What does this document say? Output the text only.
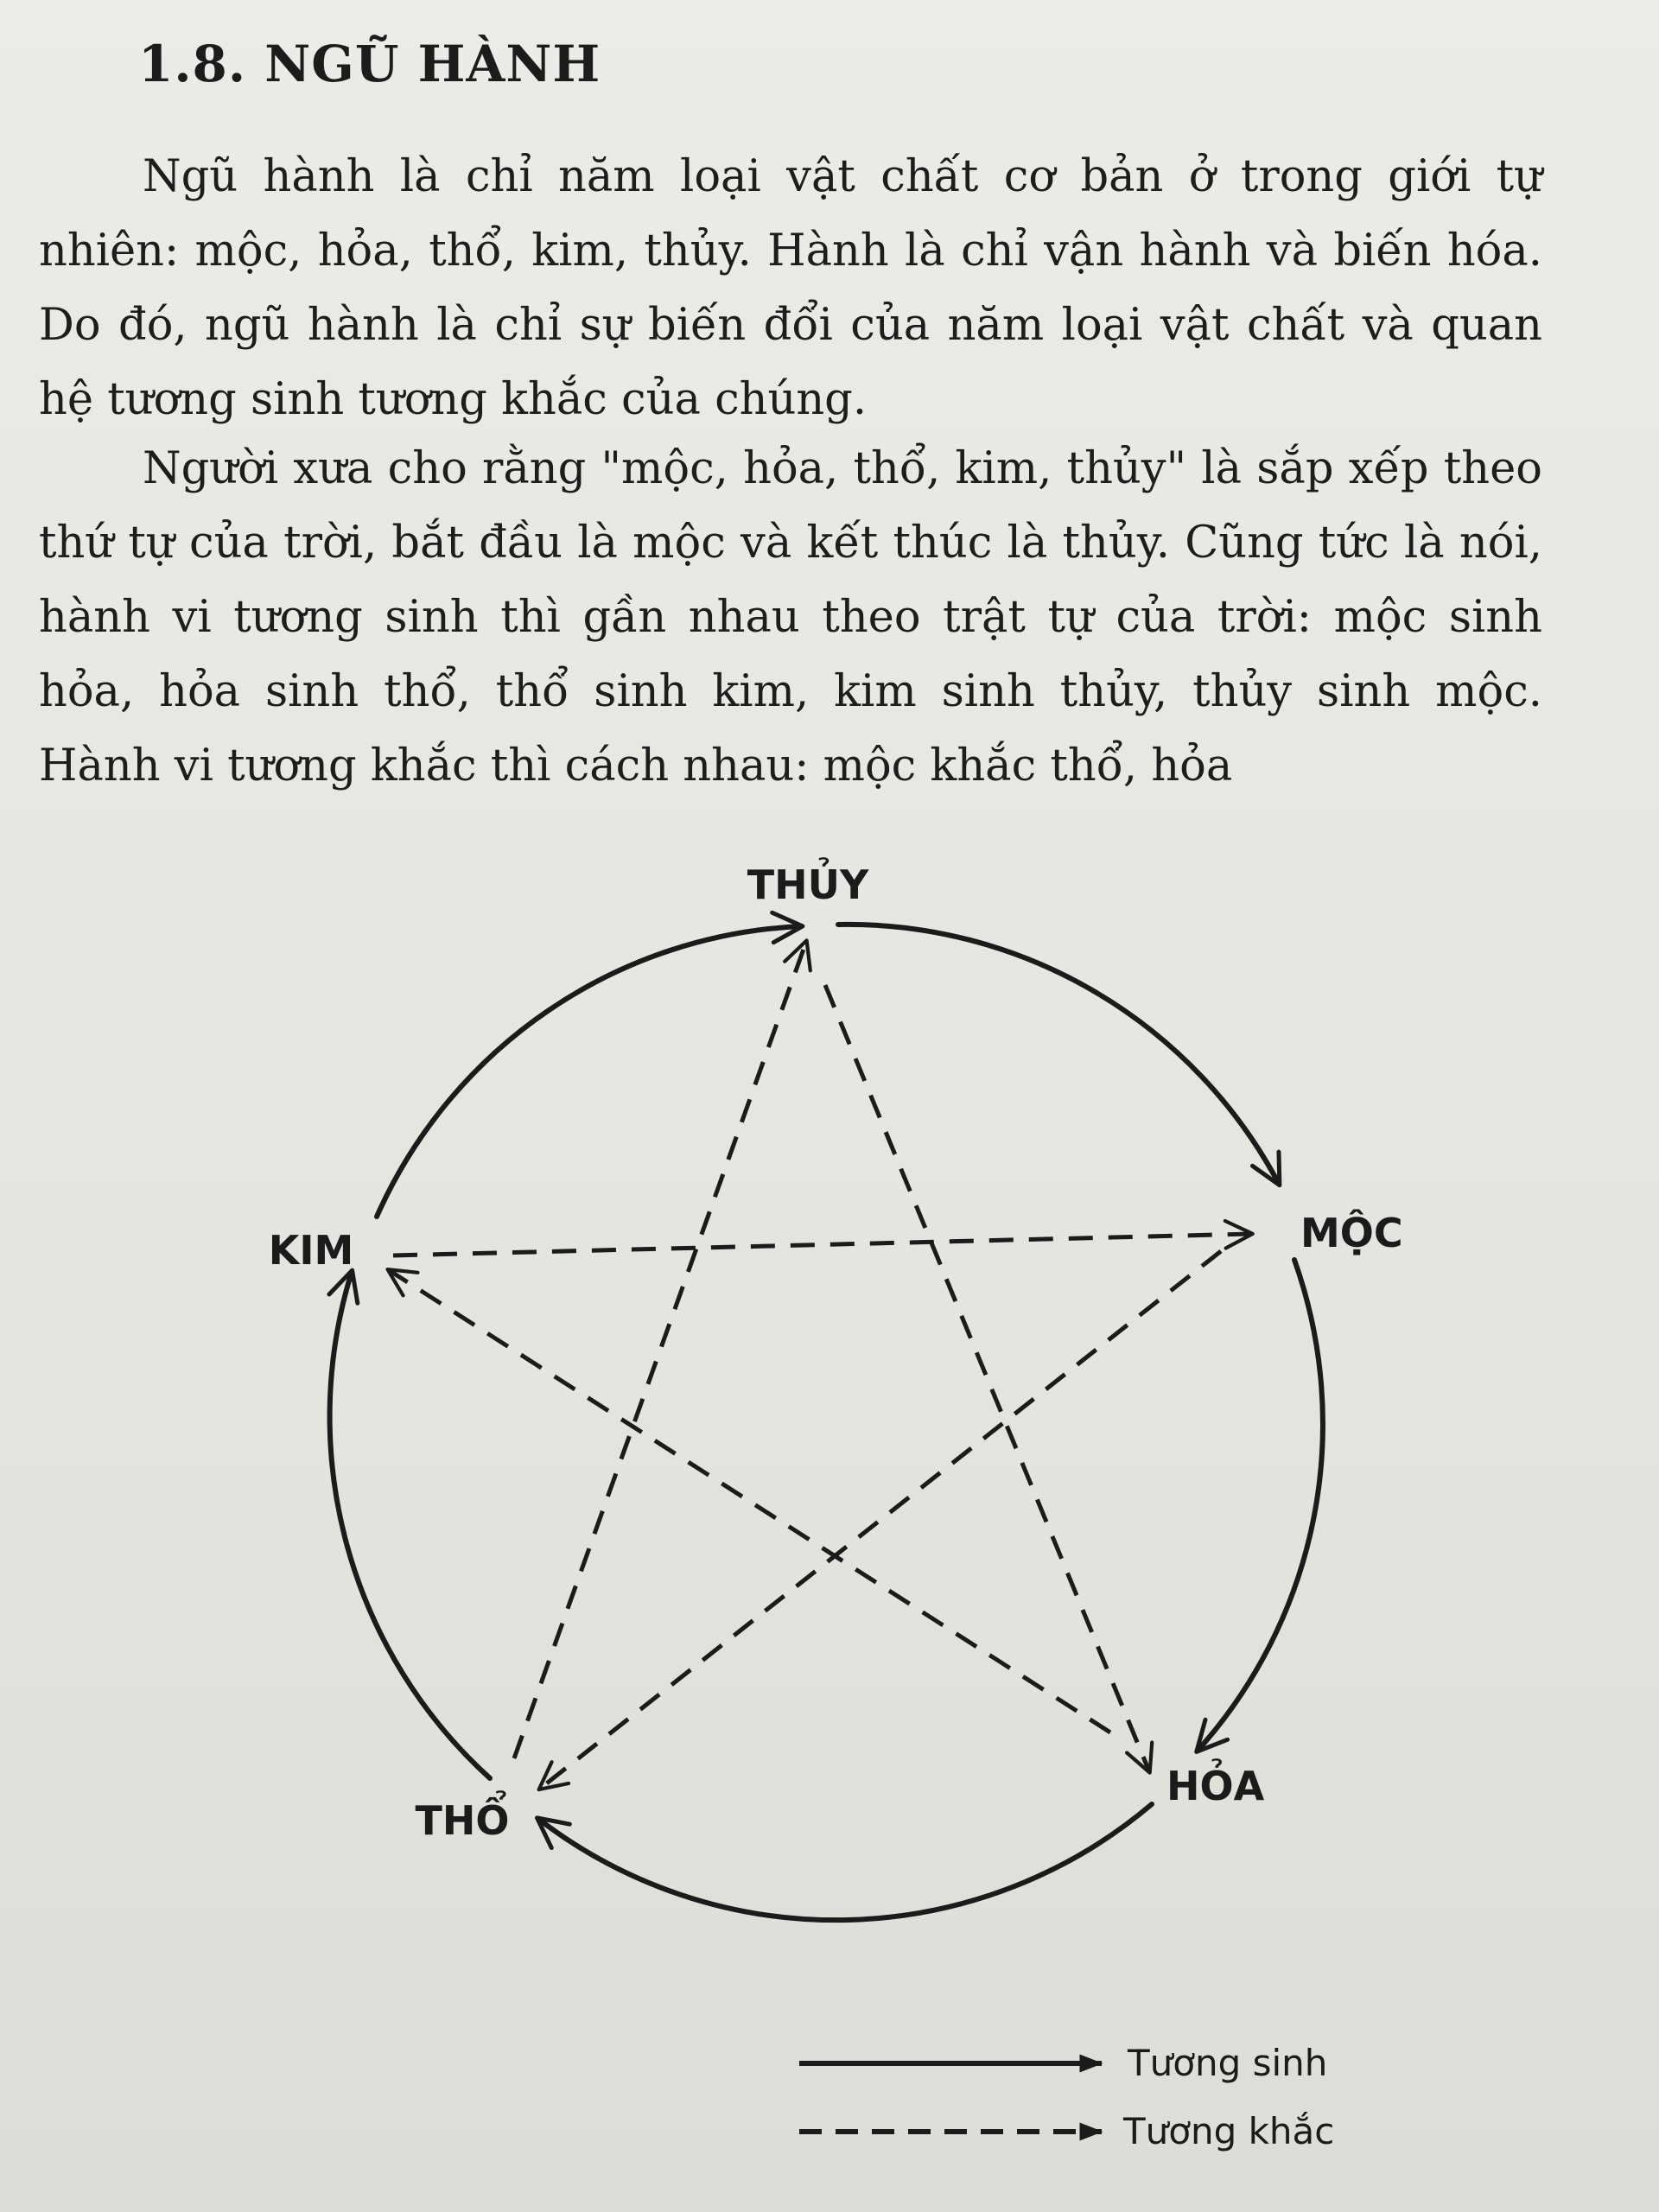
1.8. NGŨ HÀNH

Ngũ hành là chỉ năm loại vật chất cơ bản ở trong giới tự nhiên: mộc, hỏa, thổ, kim, thủy. Hành là chỉ vận hành và biến hóa. Do đó, ngũ hành là chỉ sự biến đổi của năm loại vật chất và quan hệ tương sinh tương khắc của chúng.

Người xưa cho rằng "mộc, hỏa, thổ, kim, thủy" là sắp xếp theo thứ tự của trời, bắt đầu là mộc và kết thúc là thủy. Cũng tức là nói, hành vi tương sinh thì gần nhau theo trật tự của trời: mộc sinh hỏa, hỏa sinh thổ, thổ sinh kim, kim sinh thủy, thủy sinh mộc. Hành vi tương khắc thì cách nhau: mộc khắc thổ, hỏa

THỦY
MỘC
HỎA
THỔ
KIM
Tương sinh
Tương khắc
